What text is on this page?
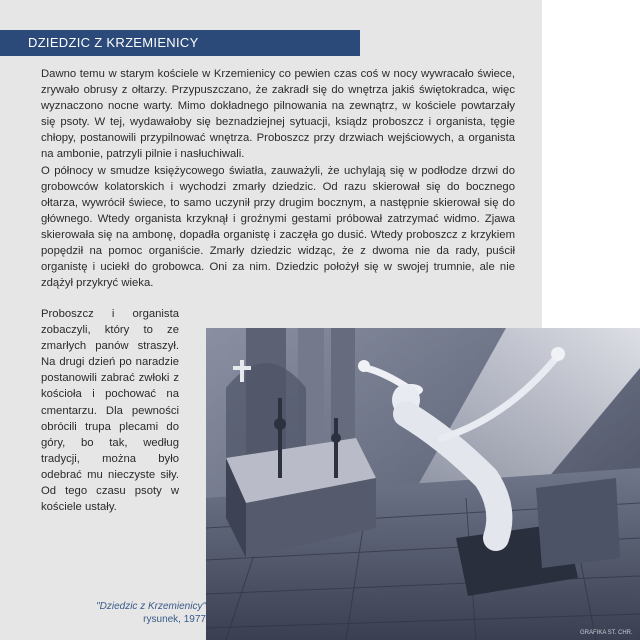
DZIEDZIC Z KRZEMIENICY

Dawno temu w starym kościele w Krzemienicy co pewien czas coś w nocy wywracało świece, zrywało obrusy z ołtarzy. Przypuszczano, że zakradł się do wnętrza jakiś świętokradca, więc wyznaczono nocne warty. Mimo dokładnego pilnowania na zewnątrz, w kościele powtarzały się psoty. W tej, wydawałoby się beznadziejnej sytuacji, ksiądz proboszcz i organista, tęgie chłopy, postanowili przypilnować wnętrza. Proboszcz przy drzwiach wejściowych, a organista na ambonie, patrzyli pilnie i nasłuchiwali.

O północy w smudze księżycowego światła, zauważyli, że uchylają się w podłodze drzwi do grobowców kolatorskich i wychodzi zmarły dziedzic. Od razu skierował się do bocznego ołtarza, wywrócił świece, to samo uczynił przy drugim bocznym, a następnie skierował się do głównego. Wtedy organista krzyknął i groźnymi gestami próbował zatrzymać widmo. Zjawa skierowała się na ambonę, dopadła organistę i zaczęła go dusić. Wtedy proboszcz z krzykiem popędził na pomoc organiście. Zmarły dziedzic widząc, że z dwoma nie da rady, puścił organistę i uciekł do grobowca. Oni za nim. Dziedzic położył się w swojej trumnie, ale nie zdążył przykryć wieka.

Proboszcz i organista zobaczyli, który to ze zmarłych panów straszył. Na drugi dzień po naradzie postanowili zabrać zwłoki z kościoła i pochować na cmentarzu. Dla pewności obrócili trupa plecami do góry, bo tak, według tradycji, można było odebrać mu nieczyste siły. Od tego czasu psoty w kościele ustały.
GRAFIKA ST. CHR.
"Dziedzic z Krzemienicy"
rysunek, 1977
